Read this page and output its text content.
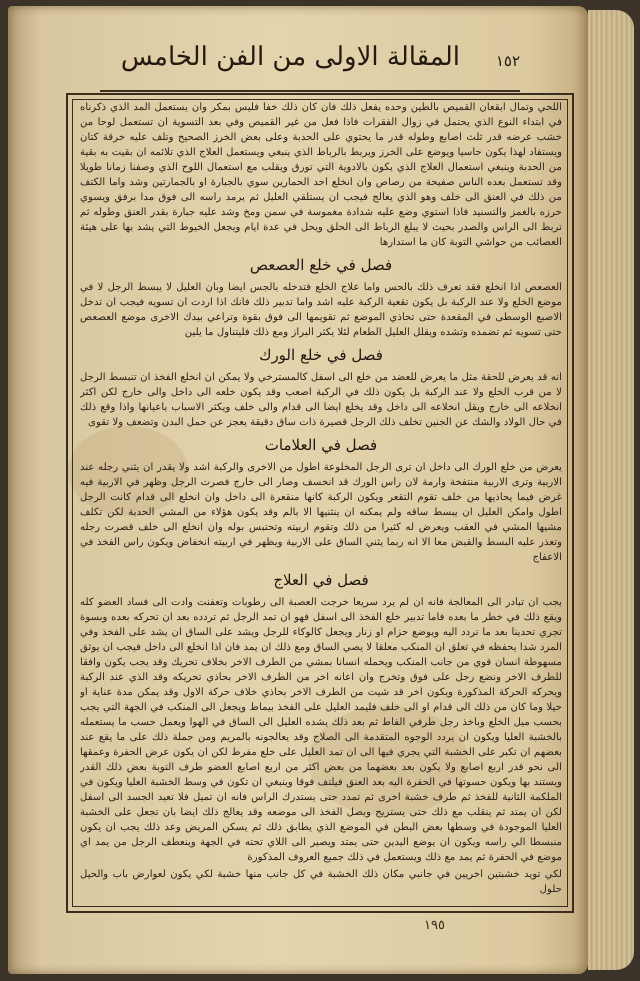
المقالة الاولى من الفن الخامس ١٥٢

اللحي وتمال ابقعان القميص بالطين وحده يفعل ذلك فان كان ذلك خفا فليس بمكر وان يستعمل المد الذي ذكرناه في ابتداء النوع الذي يحتمل في زوال الفقرات فاذا فعل من غير القميص وفي بعد التسوية ان تستعمل لوحا من خشب عرضه قدر ثلث اصابع وطوله قدر ما يحتوي على الحدبة وعلى بعض الخرز الصحيح وتلف عليه خرقة كتان ويستفاد لهذا يكون حاسيا ويوضع على الخرز ويربط بالرباط الذي ينبغي ويستعمل العلاج الذي تلائمه ان بقيت به بقية من الحدبة وينبغي استعمال العلاج الذي يكون بالادوية التي تورق ويقلب مع استعمال اللوح الذي وصفنا زمانا طويلا وقد تستعمل بعده الناس صفيحة من رصاص وان انخلع احد الحمارين سوي بالجبارة او بالجمارتين وشد واما الكتف من ذلك في العنق الى خلف وهو الذي يعالج فيجب ان يستلقي العليل ثم يرمد راسه الى فوق مدا برفق ويسوي حرزه بالغمز والتسنيد فاذا استوي وضع عليه شدادة مغموسة في سمن ومخ وشد عليه جبارة بقدر العنق وطوله ثم تربط الى الراس والصدر بحيث لا يبلغ الرباط الى الحلق ويحل في عدة ايام ويجعل الخيوط التي يشد بها على هيئة العصائب من حواشي التوبة كان ما استدارها

فصل في خلع العصعص

العصعص اذا انخلع فقد تعرف ذلك بالحس واما علاج الخلع فتدخله بالجس ايضا وبان العليل لا يبسط الرجل لا في موضع الخلع ولا عند الركبة بل يكون تقعية الركبة عليه اشد واما تدبير ذلك فانك اذا اردت ان تسويه فيجب ان تدخل الاصبع الوسطى في المقعدة حتى تحاذي الموضع ثم تقويمها الى فوق بقوة وتراعي بيدك الاخرى موضع العصعص حتى تسويه ثم تضمده وتشده ويقلل العليل الطعام لئلا يكثر البراز ومع ذلك فليتناول ما يلين

فصل في خلع الورك

انه قد يعرض للحقة مثل ما يعرض للعضد من خلع الى اسفل كالمسترخي ولا يمكن ان انخلع الفخذ ان تنبسط الرجل لا من قرب الخلع ولا عند الركبة بل يكون ذلك في الركبة اصعب وقد يكون خلعه الى داخل والى خارج لكن اكثر انخلاعه الى خارج ويقل انخلاعه الى داخل وقد يخلع ايضا الى قدام والى خلف ويكثر الاسباب باعيانها واذا وقع ذلك في حال الولاد والشك عن الجنين تخلف ذلك الرجل قصيرة ذات ساق دقيقة يعجز عن حمل البدن وتضعف ولا تقوى

فصل في العلامات

يعرض من خلع الورك الى داخل ان ترى الرجل المخلوعة اطول من الاخرى والركبة اشد ولا يقدر ان يثني رجله عند الاربية وترى الاربية منتفخة وارمة لان راس الورك قد انخسف وصار الى خارج فصرت الرجل وظهر في الاربية فيه غرض فيما يحاذيها من خلف تقوم التقعر ويكون الركبة كانها منقعرة الى داخل وان انخلع الى قدام كانت الرجل اطول وامكن العليل ان يبسط ساقه ولم يمكنه ان ينثنيها الا بالم وقد يكون هؤلاء من المشي الحدبة لكن تكلف مشيها المشي في العقب ويعرض له كثيرا من ذلك وتقوم اربيته وتحتبس بوله وان انخلع الى خلف قصرت رجله وتعذر عليه البسط والقبض معا الا انه ربما يثني الساق على الاربية ويظهر في اربيته انخفاض ويكون راس الفخذ في الاعفاج

فصل في العلاج

يجب ان تبادر الى المعالجة فانه ان لم يرد سريعا خرجت العصبة الى رطوبات وتعفنت وادت الى فساد العضو كله ويقع ذلك في خطر ما بعده فاما تدبير خلع الفخذ الى اسفل فهو ان تمد الرجل ثم تردده بعد ان تحركه بعده وبسوة تجري تحدينا بعد ما تردد اليه ويوضع حزام او زنار ويجعل كالوكاء للرجل ويشد على الساق ان يشد على الفخذ وفي المرد شدا يحفظه في تعلق ان المنكب معلقا لا يصي الساق ومع ذلك ان يمد فان اذا انخلع الى داخل فيجب ان يوثق مسهوطة انسان قوي من جانب المنكب ويحمله انسانا بمشي من الطرف الاخر بخلاف تحريك وقد يجب يكون وافقا للطرف الاخر ونضع رجل على فوق وتخرج وان اعانه اخر من الطرف الاخر بحاذي تحريكه وقد الذي عند الركبة ويحركه الحركة المذكورة ويكون اخر قد شيت من الطرف الاخر بحاذي خلاف حركة الاول وقد يمكن مدة عناية او حيلا وما كان من ذلك الى قدام او الى خلف فليمد العليل على الفخذ بيماط ويجعل الى المنكب في الجهة التي يجب بحسب ميل الخلع وباخذ رجل طرفي الفاط ثم بعد ذلك يشده العليل الى الساق في الهوا ويعمل حسب ما يستعمله بالخشبة العليا ويكون ان يردد الوجوه المتقدمة الى الصلاح وقد يعالجونه بالمريم ومن جملة ذلك على ما يقع عند بعضهم ان تكبر على الخشبة التي يجري فيها الى ان تمد العليل على خلع مفرط لكن ان يكون عرض الحفرة وعمقها الى نحو قدر اربع اصابع ولا يكون بعد بعضهما من بعض اكثر من اربع اصابع العضو طرف التوبة بعض ذلك القدر ويستند بها ويكون حسوتها في الحفرة اليه بعد العنق فيلتف فوقا وينبغي ان تكون في وسط الخشبة العليا ويكون في الملكمة الثانية للفخذ ثم طرف خشبة اخرى ثم تمدد حتى يستدرك الراس فانه ان تميل فلا تعيد الجسد الى اسفل لكن ان يمتد ثم ينقلب مع ذلك حتى يستريح ويصل الفخذ الى موضعه وقد يعالج ذلك ايضا بان تجعل على الخشبة العليا الموجودة في وسطها بعض البطن في الموضع الذي يطابق ذلك ثم يسكن المريض وعد ذلك يجب ان يكون منبسطا الي راسه ويكون ان يوضع اليدين حتى يمتد ويصير الى اللاي تحته في الجهة وينعطف الرجل من يمد اي موضع في الحفرة ثم يمد مع ذلك ويستعمل في ذلك جميع العروف المذكورة

لكي تويد خشبتين اخريين في جانبي مكان ذلك الخشبة في كل جانب منها خشبة لكي يكون لعوارض باب والحيل حلول

١٩٥
